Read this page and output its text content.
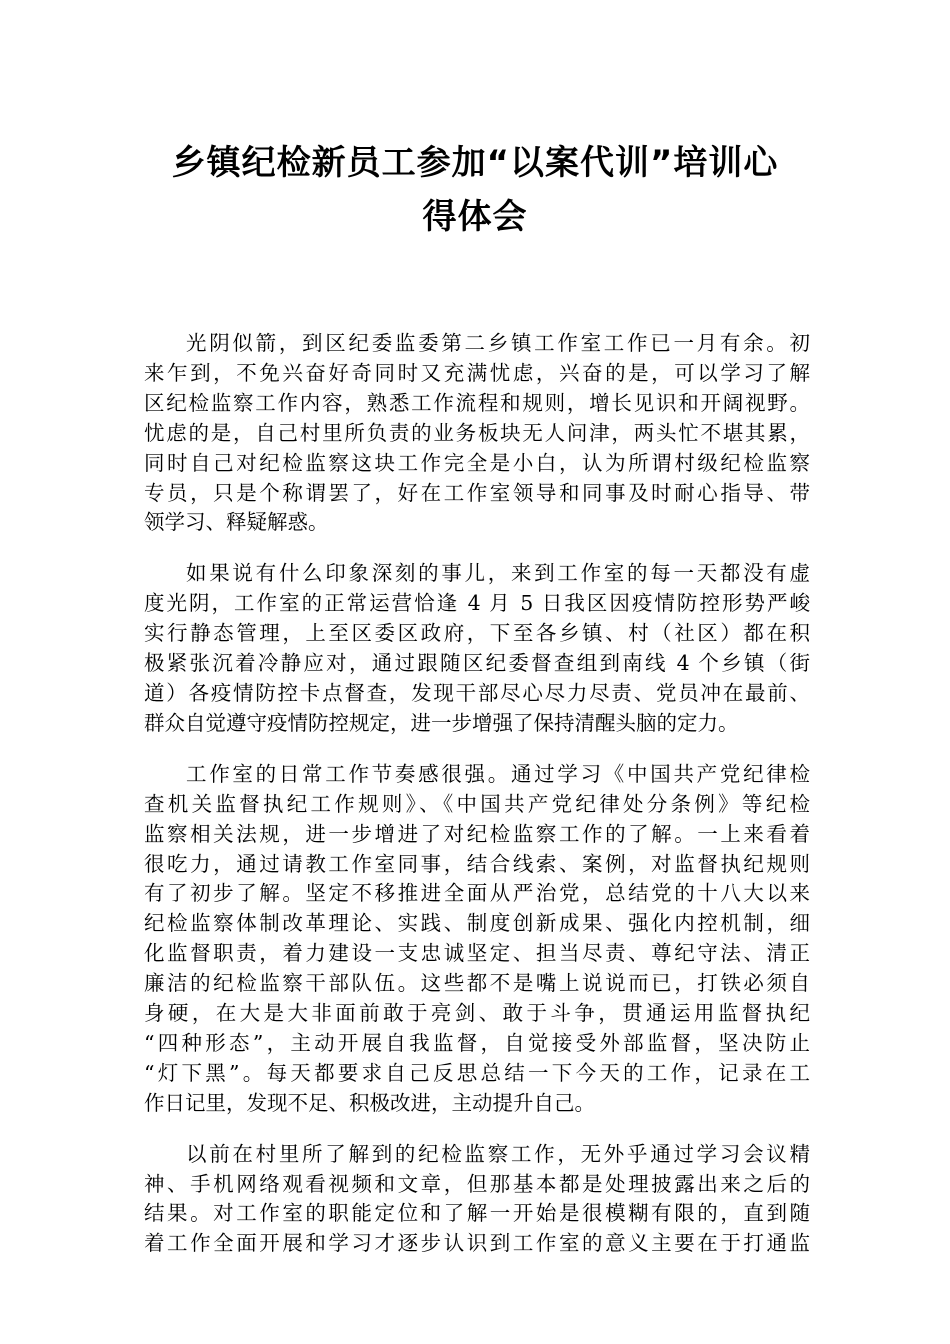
乡镇纪检新员工参加“以案代训”培训心
得体会

光阴似箭，到区纪委监委第二乡镇工作室工作已一月有余。初
来乍到，不免兴奋好奇同时又充满忧虑，兴奋的是，可以学习了解
区纪检监察工作内容，熟悉工作流程和规则，增长见识和开阔视野。
忧虑的是，自己村里所负责的业务板块无人问津，两头忙不堪其累，
同时自己对纪检监察这块工作完全是小白，认为所谓村级纪检监察
专员，只是个称谓罢了，好在工作室领导和同事及时耐心指导、带
领学习、释疑解惑。

如果说有什么印象深刻的事儿，来到工作室的每一天都没有虚
度光阴，工作室的正常运营恰逢 4 月 5 日我区因疫情防控形势严峻
实行静态管理，上至区委区政府，下至各乡镇、村（社区）都在积
极紧张沉着冷静应对，通过跟随区纪委督查组到南线 4 个乡镇（街
道）各疫情防控卡点督查，发现干部尽心尽力尽责、党员冲在最前、
群众自觉遵守疫情防控规定，进一步增强了保持清醒头脑的定力。

工作室的日常工作节奏感很强。通过学习《中国共产党纪律检
查机关监督执纪工作规则》、《中国共产党纪律处分条例》等纪检
监察相关法规，进一步增进了对纪检监察工作的了解。一上来看着
很吃力，通过请教工作室同事，结合线索、案例，对监督执纪规则
有了初步了解。坚定不移推进全面从严治党，总结党的十八大以来
纪检监察体制改革理论、实践、制度创新成果、强化内控机制，细
化监督职责，着力建设一支忠诚坚定、担当尽责、尊纪守法、清正
廉洁的纪检监察干部队伍。这些都不是嘴上说说而已，打铁必须自
身硬，在大是大非面前敢于亮剑、敢于斗争，贯通运用监督执纪
“四种形态”，主动开展自我监督，自觉接受外部监督，坚决防止
“灯下黑”。每天都要求自己反思总结一下今天的工作，记录在工
作日记里，发现不足、积极改进，主动提升自己。

以前在村里所了解到的纪检监察工作，无外乎通过学习会议精
神、手机网络观看视频和文章，但那基本都是处理披露出来之后的
结果。对工作室的职能定位和了解一开始是很模糊有限的，直到随
着工作全面开展和学习才逐步认识到工作室的意义主要在于打通监
